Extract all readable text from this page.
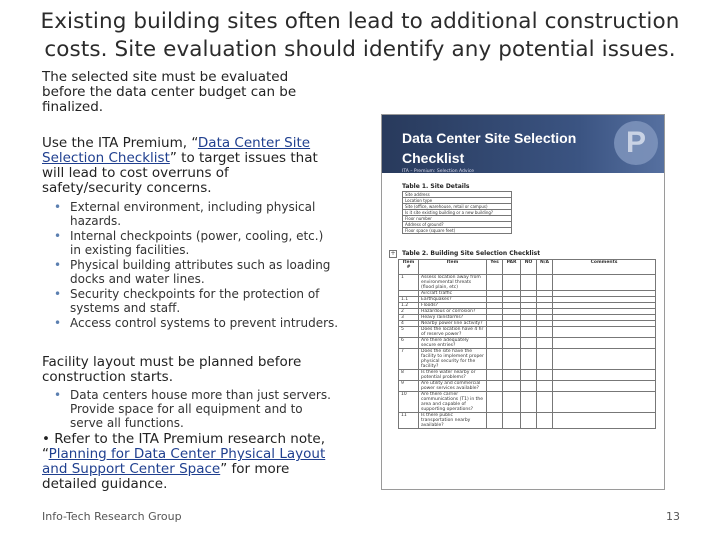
Existing building sites often lead to additional construction costs. Site evaluation should identify any potential issues.
The selected site must be evaluated
before the data center budget can be
finalized.
Use the ITA Premium, “Data Center Site
Selection Checklist” to target issues that
will lead to cost overruns of
safety/security concerns.
• External environment, including physical
hazards.
• Internal checkpoints (power, cooling, etc.)
in existing facilities.
• Physical building attributes such as loading
docks and water lines.
• Security checkpoints for the protection of
systems and staff.
• Access control systems to prevent intruders.
Facility layout must be planned before
construction starts.
• Data centers house more than just servers.
Provide space for all equipment and to
serve all functions.
• Refer to the ITA Premium research note,
“Planning for Data Center Physical Layout
and Support Center Space” for more
detailed guidance.
Data Center Site Selection Checklist	P
ITA – Premium: Selection Advice
Table 1. Site Details
Site address
Location type
Site (office, warehouse, retail or campus)
Is it site existing building or a new building?
Floor number
Address of ground?
Floor space (square feet)
+ Table 2. Building Site Selection Checklist
Item #	Item	Yes	PAR	NO	N/A	Comments
1	Assess location away from environmental threats (flood plain, etc)					
	Aircraft traffic					
1.1	Earthquakes?					
1.2	Floods?					
2	Hazardous or corrosion?					
3	Heavy rainstorms?					
4	Nearby power line activity?					
5	Does the location have 4 hr of reserve power?					
6	Are there adequately secure entries?					
7	Does the site have the facility to implement proper physical security for the facility?					
8	Is there water nearby or potential problems?					
9	Are utility and commercial power services available?					
10	Are there carrier communications (T1) in the area and capable of supporting operations?					
11	Is there public transportation nearby available?					
Info-Tech Research Group	13
